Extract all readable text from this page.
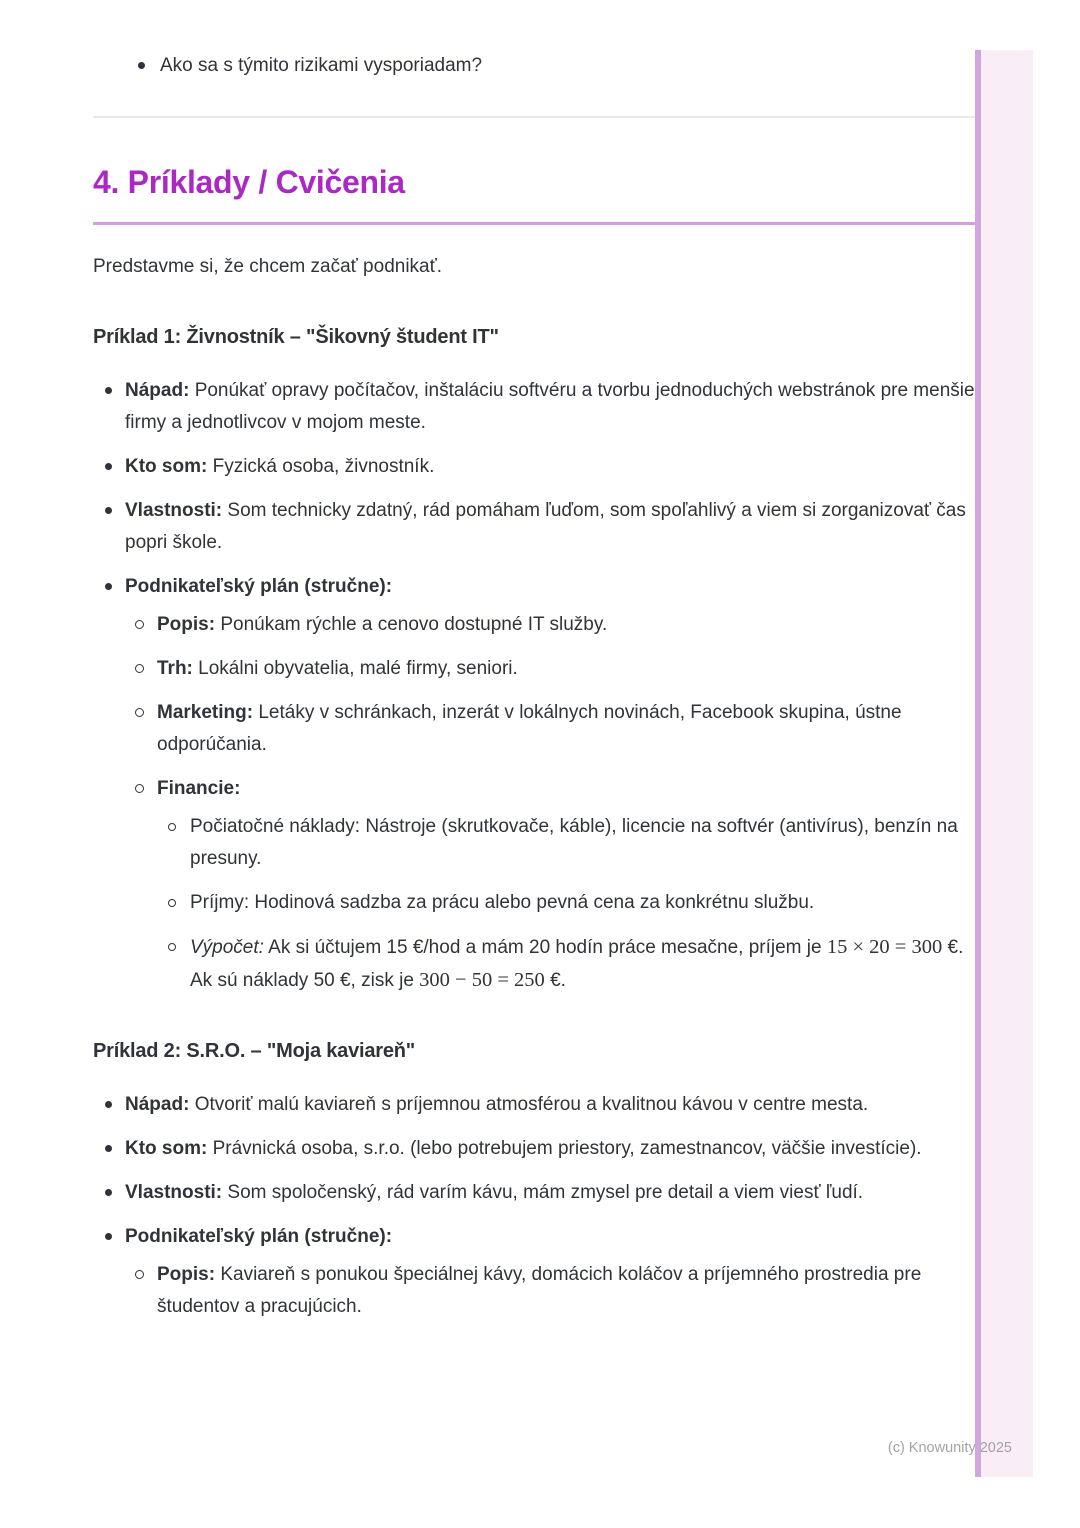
Ako sa s týmito rizikami vysporiadam?
4. Príklady / Cvičenia

Predstavme si, že chcem začať podnikať.

Príklad 1: Živnostník – "Šikovný študent IT"
Nápad: Ponúkať opravy počítačov, inštaláciu softvéru a tvorbu jednoduchých webstránok pre menšie firmy a jednotlivcov v mojom meste.
Kto som: Fyzická osoba, živnostník.
Vlastnosti: Som technicky zdatný, rád pomáham ľuďom, som spoľahlivý a viem si zorganizovať čas popri škole.
Podnikateľský plán (stručne):
Popis: Ponúkam rýchle a cenovo dostupné IT služby.
Trh: Lokálni obyvatelia, malé firmy, seniori.
Marketing: Letáky v schránkach, inzerát v lokálnych novinách, Facebook skupina, ústne odporúčania.
Financie:
Počiatočné náklady: Nástroje (skrutkovače, káble), licencie na softvér (antivírus), benzín na presuny.
Príjmy: Hodinová sadzba za prácu alebo pevná cena za konkrétnu službu.
Výpočet: Ak si účtujem 15 €/hod a mám 20 hodín práce mesačne, príjem je 15 × 20 = 300 €. Ak sú náklady 50 €, zisk je 300 − 50 = 250 €.
Príklad 2: S.R.O. – "Moja kaviareň"
Nápad: Otvoriť malú kaviareň s príjemnou atmosférou a kvalitnou kávou v centre mesta.
Kto som: Právnická osoba, s.r.o. (lebo potrebujem priestory, zamestnancov, väčšie investície).
Vlastnosti: Som spoločenský, rád varím kávu, mám zmysel pre detail a viem viesť ľudí.
Podnikateľský plán (stručne):
Popis: Kaviareň s ponukou špeciálnej kávy, domácich koláčov a príjemného prostredia pre študentov a pracujúcich.
(c) Knowunity 2025
